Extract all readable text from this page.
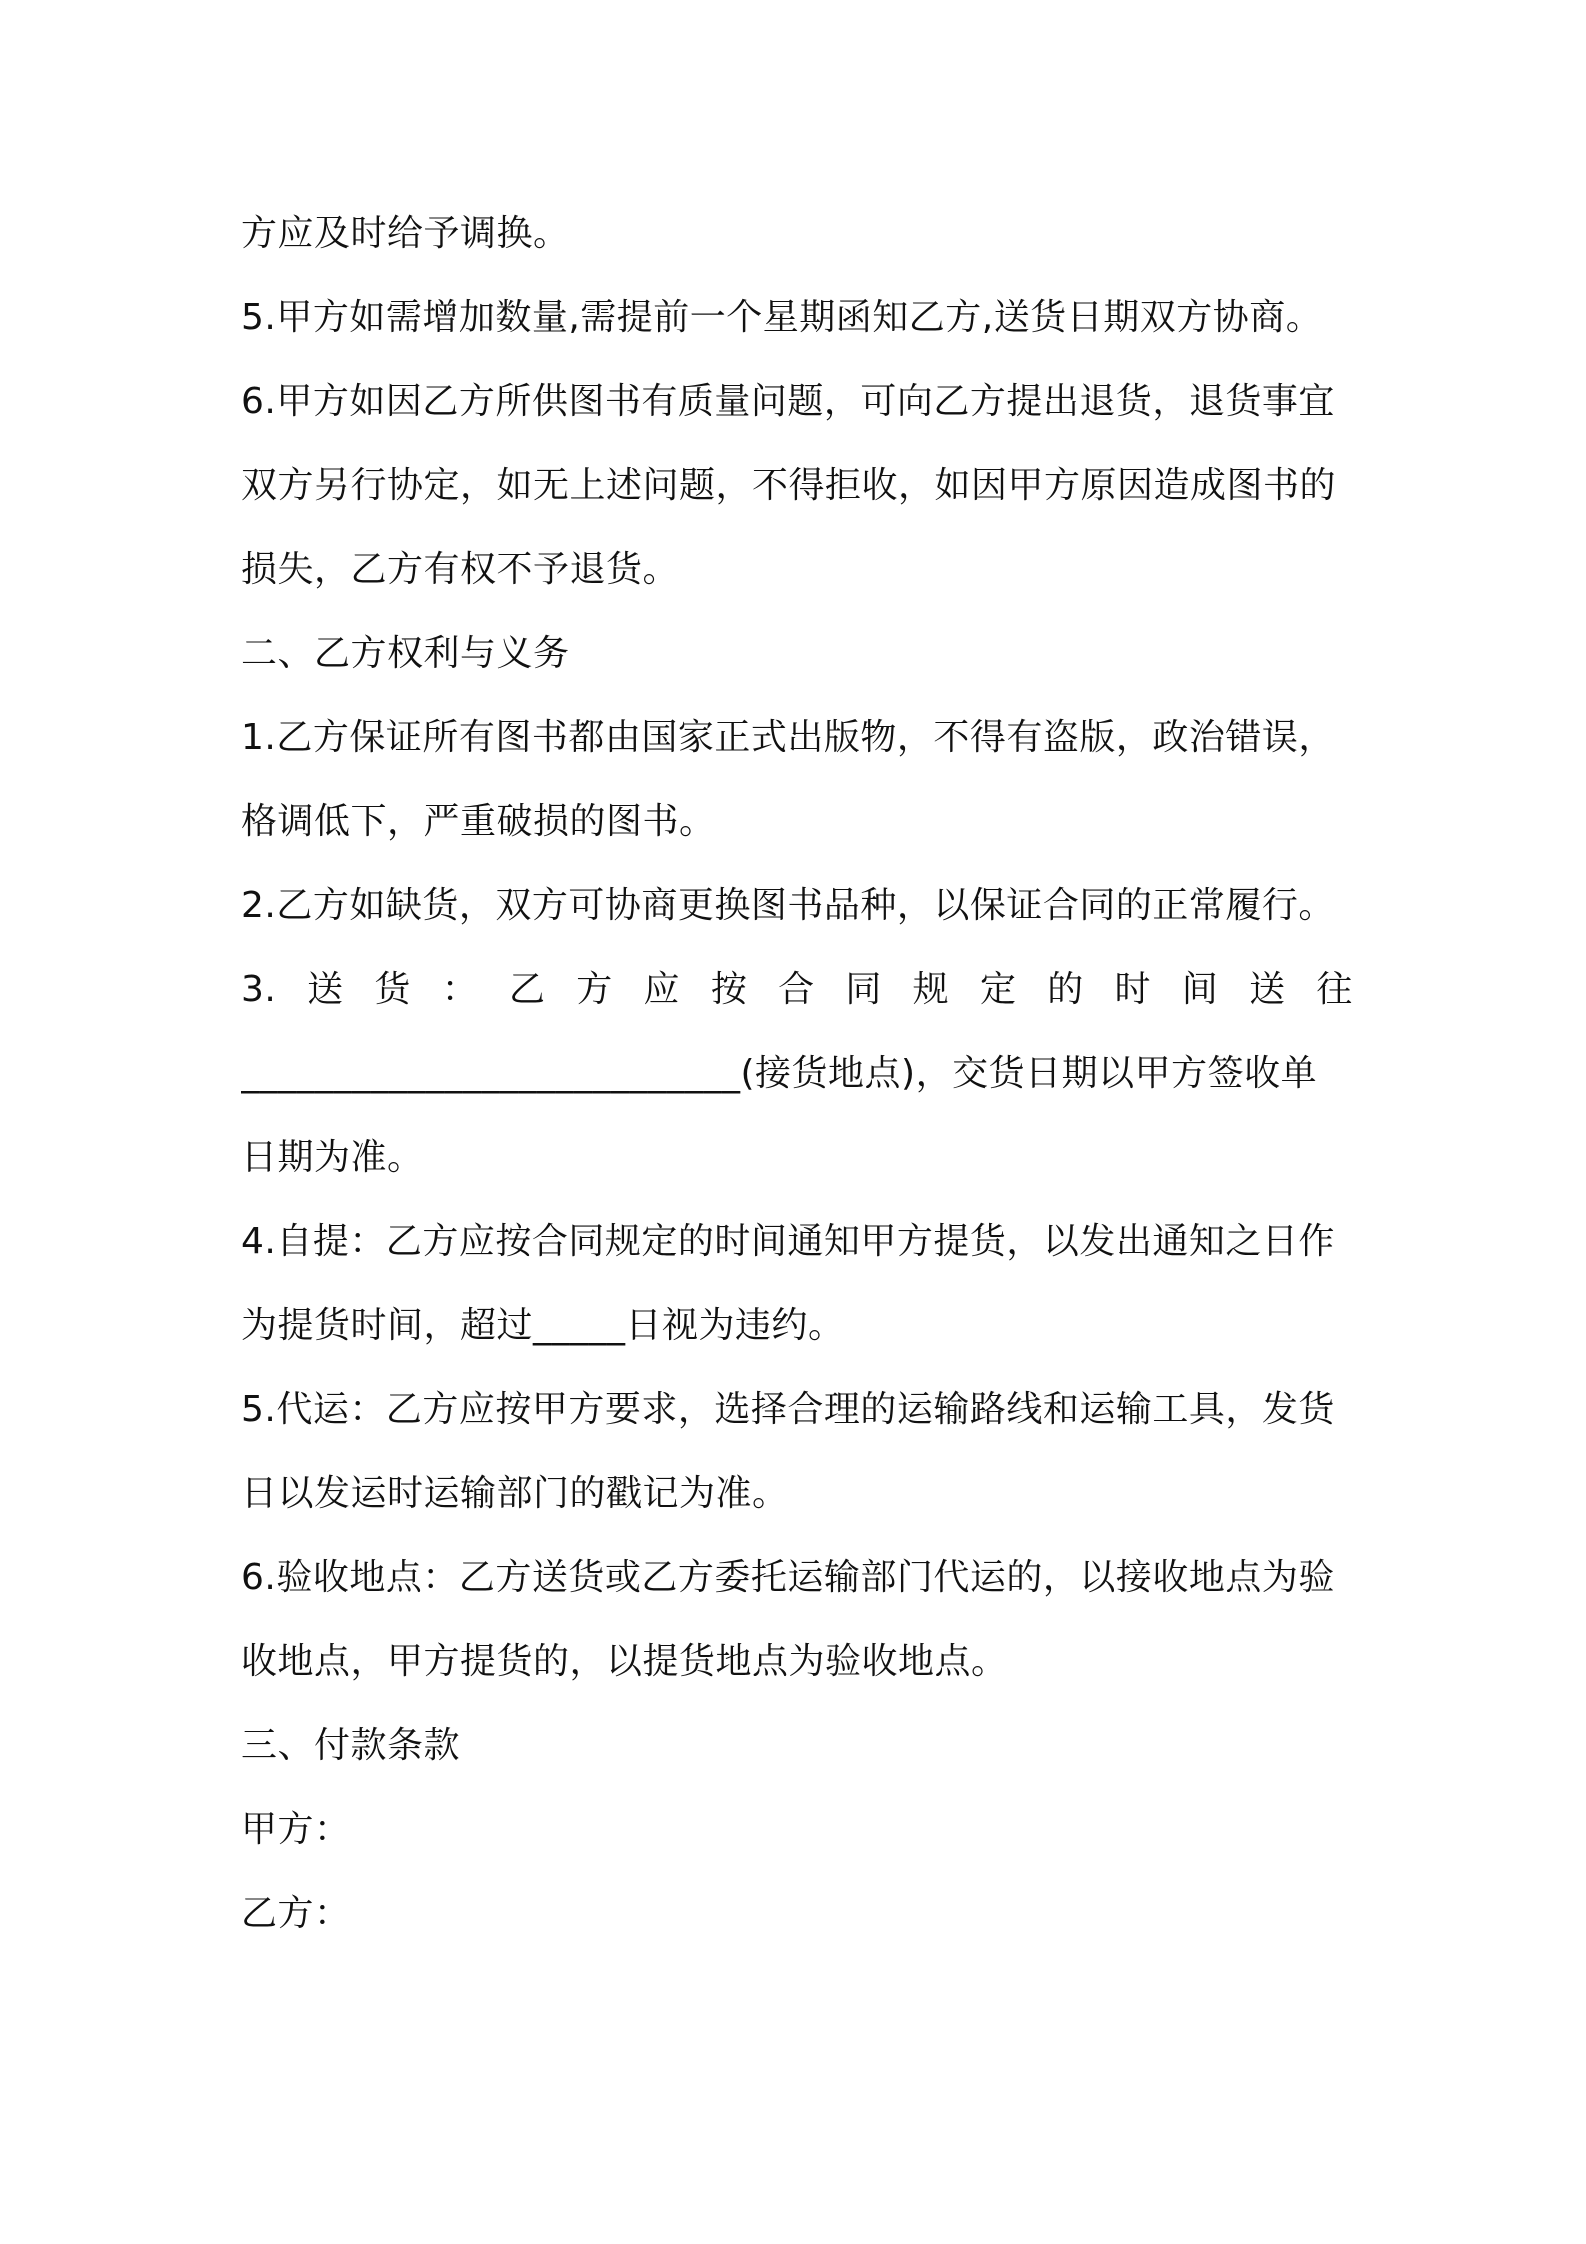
方应及时给予调换。
5.甲方如需增加数量,需提前一个星期函知乙方,送货日期双方协商。
6.甲方如因乙方所供图书有质量问题，可向乙方提出退货，退货事宜
双方另行协定，如无上述问题，不得拒收，如因甲方原因造成图书的
损失，乙方有权不予退货。
二、乙方权利与义务
1.乙方保证所有图书都由国家正式出版物，不得有盗版，政治错误，
格调低下，严重破损的图书。
2.乙方如缺货，双方可协商更换图书品种，以保证合同的正常履行。
3. 送 货 ： 乙 方 应 按 合 同 规 定 的 时 间 送 往
___________________________(接货地点)，交货日期以甲方签收单
日期为准。
4.自提：乙方应按合同规定的时间通知甲方提货，以发出通知之日作
为提货时间，超过_____日视为违约。
5.代运：乙方应按甲方要求，选择合理的运输路线和运输工具，发货
日以发运时运输部门的戳记为准。
6.验收地点：乙方送货或乙方委托运输部门代运的，以接收地点为验
收地点，甲方提货的，以提货地点为验收地点。
三、付款条款
甲方：
乙方：
